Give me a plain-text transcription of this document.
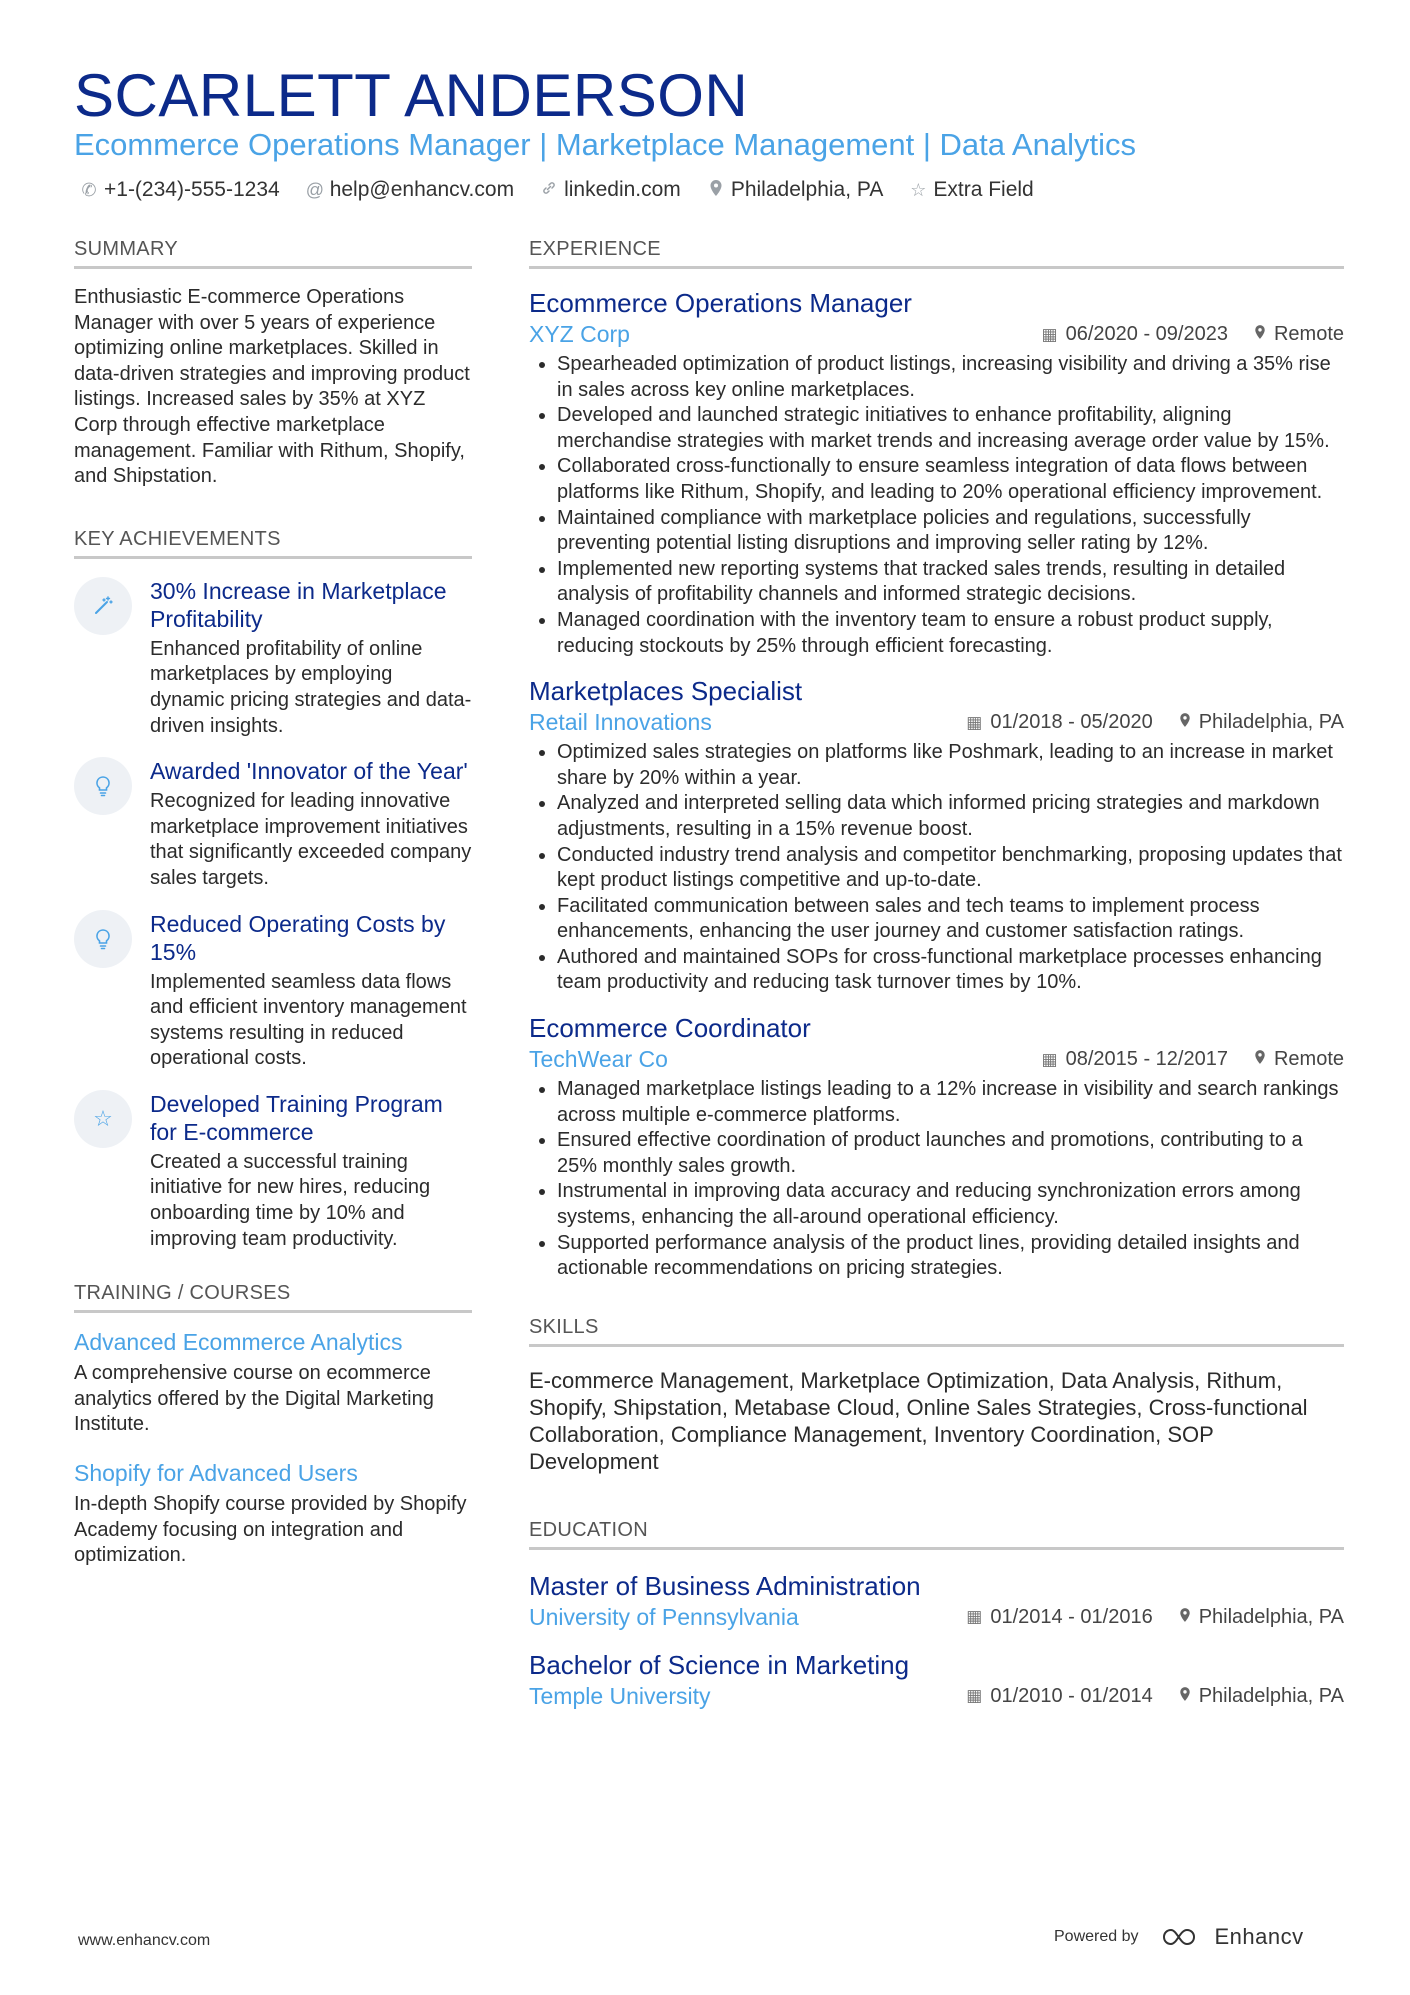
SCARLETT ANDERSON
Ecommerce Operations Manager | Marketplace Management | Data Analytics
✆ +1-(234)-555-1234 @ help@enhancv.com linkedin.com Philadelphia, PA ☆ Extra Field
SUMMARY
Enthusiastic E-commerce Operations Manager with over 5 years of experience optimizing online marketplaces. Skilled in data-driven strategies and improving product listings. Increased sales by 35% at XYZ Corp through effective marketplace management. Familiar with Rithum, Shopify, and Shipstation.
KEY ACHIEVEMENTS
30% Increase in Marketplace Profitability
Enhanced profitability of online marketplaces by employing dynamic pricing strategies and data-driven insights.
Awarded 'Innovator of the Year'
Recognized for leading innovative marketplace improvement initiatives that significantly exceeded company sales targets.
Reduced Operating Costs by 15%
Implemented seamless data flows and efficient inventory management systems resulting in reduced operational costs.
☆
Developed Training Program for E-commerce
Created a successful training initiative for new hires, reducing onboarding time by 10% and improving team productivity.
TRAINING / COURSES
Advanced Ecommerce Analytics
A comprehensive course on ecommerce analytics offered by the Digital Marketing Institute.
Shopify for Advanced Users
In-depth Shopify course provided by Shopify Academy focusing on integration and optimization.
EXPERIENCE
Ecommerce Operations Manager
XYZ Corp	▦ 06/2020 - 09/2023 Remote
• Spearheaded optimization of product listings, increasing visibility and driving a 35% rise in sales across key online marketplaces.
• Developed and launched strategic initiatives to enhance profitability, aligning merchandise strategies with market trends and increasing average order value by 15%.
• Collaborated cross-functionally to ensure seamless integration of data flows between platforms like Rithum, Shopify, and leading to 20% operational efficiency improvement.
• Maintained compliance with marketplace policies and regulations, successfully preventing potential listing disruptions and improving seller rating by 12%.
• Implemented new reporting systems that tracked sales trends, resulting in detailed analysis of profitability channels and informed strategic decisions.
• Managed coordination with the inventory team to ensure a robust product supply, reducing stockouts by 25% through efficient forecasting.
Marketplaces Specialist
Retail Innovations	▦ 01/2018 - 05/2020 Philadelphia, PA
• Optimized sales strategies on platforms like Poshmark, leading to an increase in market share by 20% within a year.
• Analyzed and interpreted selling data which informed pricing strategies and markdown adjustments, resulting in a 15% revenue boost.
• Conducted industry trend analysis and competitor benchmarking, proposing updates that kept product listings competitive and up-to-date.
• Facilitated communication between sales and tech teams to implement process enhancements, enhancing the user journey and customer satisfaction ratings.
• Authored and maintained SOPs for cross-functional marketplace processes enhancing team productivity and reducing task turnover times by 10%.
Ecommerce Coordinator
TechWear Co	▦ 08/2015 - 12/2017 Remote
• Managed marketplace listings leading to a 12% increase in visibility and search rankings across multiple e-commerce platforms.
• Ensured effective coordination of product launches and promotions, contributing to a 25% monthly sales growth.
• Instrumental in improving data accuracy and reducing synchronization errors among systems, enhancing the all-around operational efficiency.
• Supported performance analysis of the product lines, providing detailed insights and actionable recommendations on pricing strategies.
SKILLS
E-commerce Management, Marketplace Optimization, Data Analysis, Rithum, Shopify, Shipstation, Metabase Cloud, Online Sales Strategies, Cross-functional Collaboration, Compliance Management, Inventory Coordination, SOP Development
EDUCATION
Master of Business Administration
University of Pennsylvania	▦ 01/2014 - 01/2016 Philadelphia, PA
Bachelor of Science in Marketing
Temple University	▦ 01/2010 - 01/2014 Philadelphia, PA
www.enhancv.com	Powered by	Enhancv
